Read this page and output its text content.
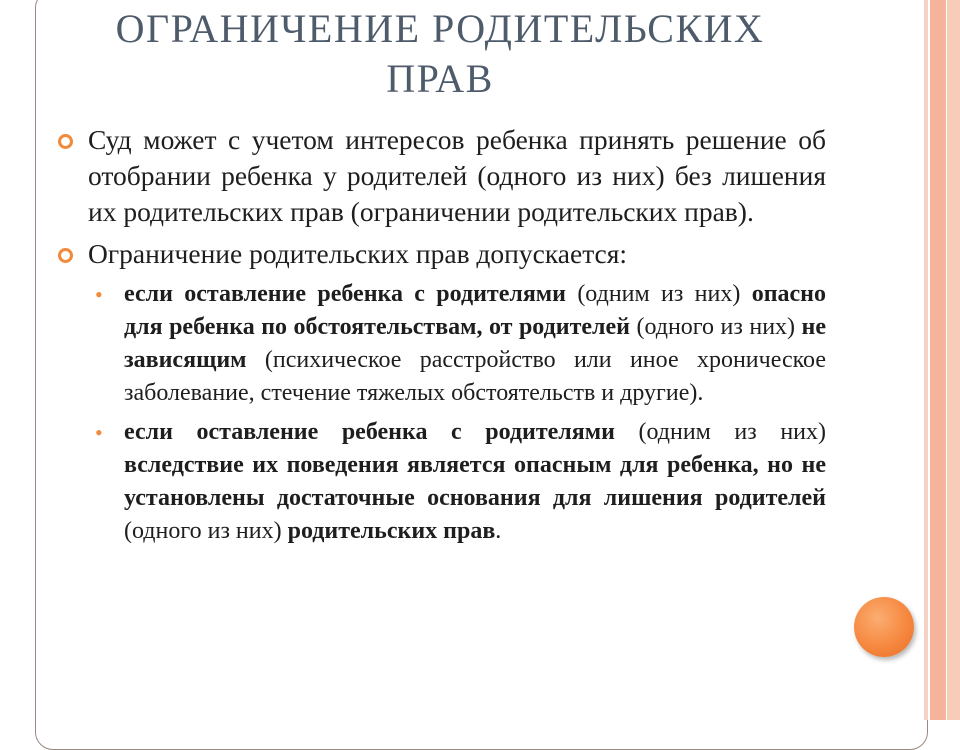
ОГРАНИЧЕНИЕ РОДИТЕЛЬСКИХ
ПРАВ
Суд может с учетом интересов ребенка принять решение об отобрании ребенка у родителей (одного из них) без лишения их родительских прав (ограничении родительских прав).
Ограничение родительских прав допускается:
• если оставление ребенка с родителями (одним из них) опасно для ребенка по обстоятельствам, от родителей (одного из них) не зависящим (психическое расстройство или иное хроническое заболевание, стечение тяжелых обстоятельств и другие).
• если оставление ребенка с родителями (одним из них) вследствие их поведения является опасным для ребенка, но не установлены достаточные основания для лишения родителей (одного из них) родительских прав.
